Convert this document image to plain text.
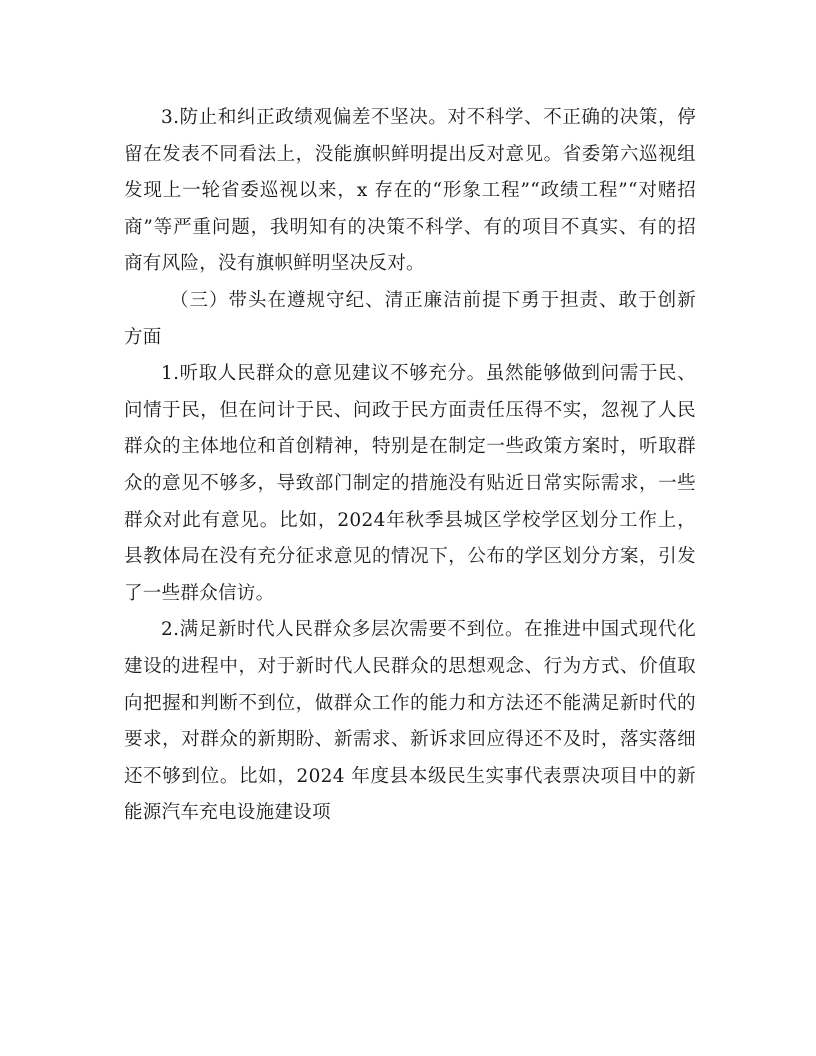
3.防止和纠正政绩观偏差不坚决。对不科学、不正确的决策，停留在发表不同看法上，没能旗帜鲜明提出反对意见。省委第六巡视组发现上一轮省委巡视以来，x 存在的“形象工程”“政绩工程”“对赌招商”等严重问题，我明知有的决策不科学、有的项目不真实、有的招商有风险，没有旗帜鲜明坚决反对。

（三）带头在遵规守纪、清正廉洁前提下勇于担责、敢于创新方面

1.听取人民群众的意见建议不够充分。虽然能够做到问需于民、问情于民，但在问计于民、问政于民方面责任压得不实，忽视了人民群众的主体地位和首创精神，特别是在制定一些政策方案时，听取群众的意见不够多，导致部门制定的措施没有贴近日常实际需求，一些群众对此有意见。比如，2024年秋季县城区学校学区划分工作上，县教体局在没有充分征求意见的情况下，公布的学区划分方案，引发了一些群众信访。

2.满足新时代人民群众多层次需要不到位。在推进中国式现代化建设的进程中，对于新时代人民群众的思想观念、行为方式、价值取向把握和判断不到位，做群众工作的能力和方法还不能满足新时代的要求，对群众的新期盼、新需求、新诉求回应得还不及时，落实落细还不够到位。比如，2024 年度县本级民生实事代表票决项目中的新能源汽车充电设施建设项
